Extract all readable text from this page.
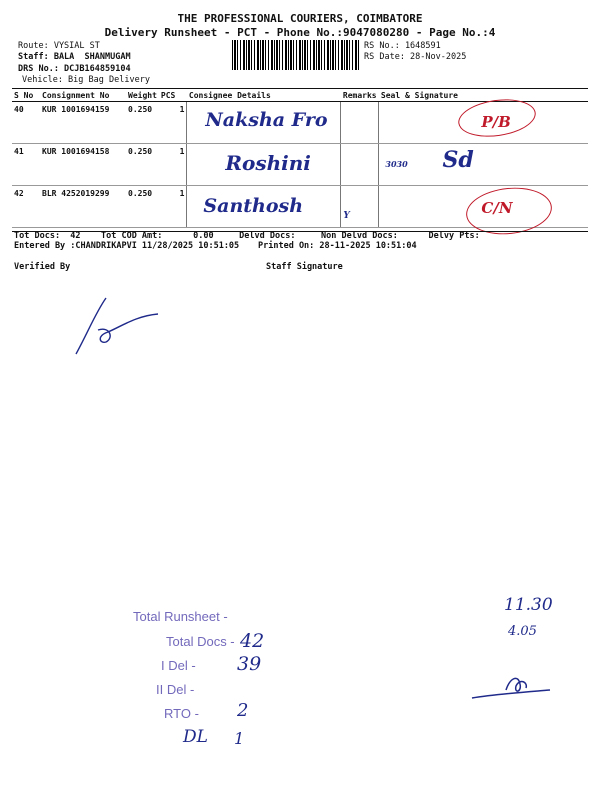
THE PROFESSIONAL COURIERS, COIMBATORE
Delivery Runsheet - PCT - Phone No.:9047080280 - Page No.:4
Route: VYSIAL ST
Staff: BALA  SHANMUGAM
DRS No.: DCJB164859104
Vehicle: Big Bag Delivery
RS No.: 1648591
RS Date: 28-Nov-2025
S No	Consignment No	Weight	PCS	Consignee Details	Remarks	Seal & Signature
40	KUR 1001694159	0.250	1	Naksha Fro		P/B
41	KUR 1001694158	0.250	1	Roshini		3030 Sd
42	BLR 4252019299	0.250	1	Santhosh	Y	C/N
Tot Docs:  42    Tot COD Amt:      0.00     Delvd Docs:     Non Delvd Docs:      Delvy Pts:
Entered By :CHANDRIKAPVI 11/28/2025 10:51:05 Printed On: 28-11-2025 10:51:04
Verified By	Staff Signature
11.30
4.05
Total Runsheet -
Total Docs - 42
I Del - 39
II Del -
RTO - 2
DL 1
